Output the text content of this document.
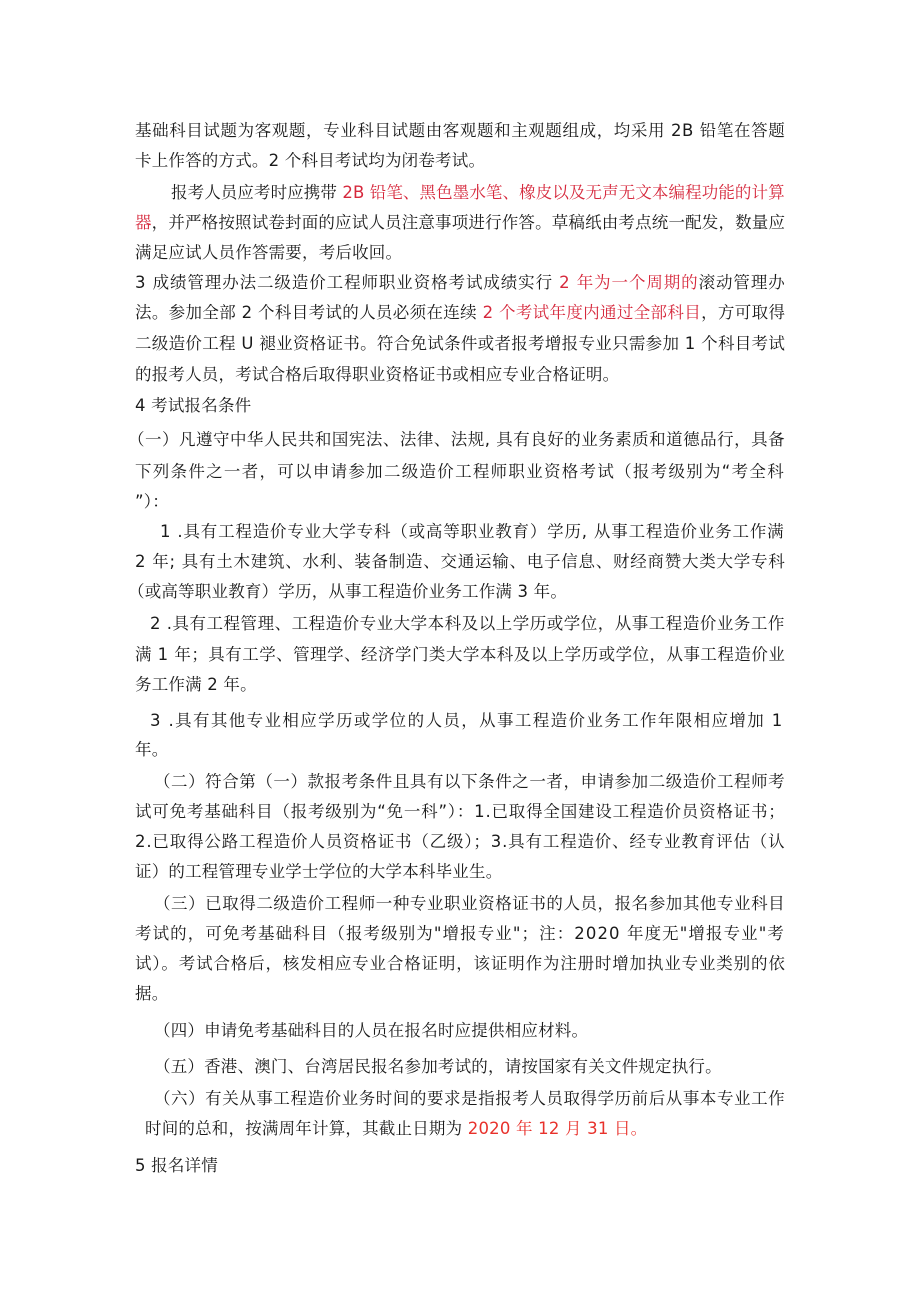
基础科目试题为客观题，专业科目试题由客观题和主观题组成，均采用 2B 铅笔在答题
卡上作答的方式。2 个科目考试均为闭卷考试。
报考人员应考时应携带 2B 铅笔、黑色墨水笔、橡皮以及无声无文本编程功能的计算
器，并严格按照试卷封面的应试人员注意事项进行作答。草稿纸由考点统一配发，数量应
满足应试人员作答需要，考后收回。
3 成绩管理办法二级造价工程师职业资格考试成绩实行 2 年为一个周期的滚动管理办
法。参加全部 2 个科目考试的人员必须在连续 2 个考试年度内通过全部科目，方可取得
二级造价工程 U 褪业资格证书。符合免试条件或者报考增报专业只需参加 1 个科目考试
的报考人员，考试合格后取得职业资格证书或相应专业合格证明。
4 考试报名条件
（一）凡遵守中华人民共和国宪法、法律、法规, 具有良好的业务素质和道德品行，具备
下列条件之一者，可以申请参加二级造价工程师职业资格考试（报考级别为“考全科
”）：
1 .具有工程造价专业大学专科（或高等职业教育）学历, 从事工程造价业务工作满
2 年; 具有土木建筑、水利、装备制造、交通运输、电子信息、财经商赞大类大学专科
（或高等职业教育）学历，从事工程造价业务工作满 3 年。
2 .具有工程管理、工程造价专业大学本科及以上学历或学位，从事工程造价业务工作
满 1 年；具有工学、管理学、经济学门类大学本科及以上学历或学位，从事工程造价业
务工作满 2 年。
3 .具有其他专业相应学历或学位的人员，从事工程造价业务工作年限相应增加 1
年。
（二）符合第（一）款报考条件且具有以下条件之一者，申请参加二级造价工程师考
试可免考基础科目（报考级别为“免一科”）：1.已取得全国建设工程造价员资格证书；
2.已取得公路工程造价人员资格证书（乙级）；3.具有工程造价、经专业教育评估（认
证）的工程管理专业学士学位的大学本科毕业生。
（三）已取得二级造价工程师一种专业职业资格证书的人员，报名参加其他专业科目
考试的，可免考基础科目（报考级别为"增报专业"；注：2020 年度无"增报专业"考
试）。考试合格后，核发相应专业合格证明，该证明作为注册时增加执业专业类别的依
据。
（四）申请免考基础科目的人员在报名时应提供相应材料。
（五）香港、澳门、台湾居民报名参加考试的，请按国家有关文件规定执行。
（六）有关从事工程造价业务时间的要求是指报考人员取得学历前后从事本专业工作
时间的总和，按满周年计算，其截止日期为 2020 年 12 月 31 日。
5 报名详情
